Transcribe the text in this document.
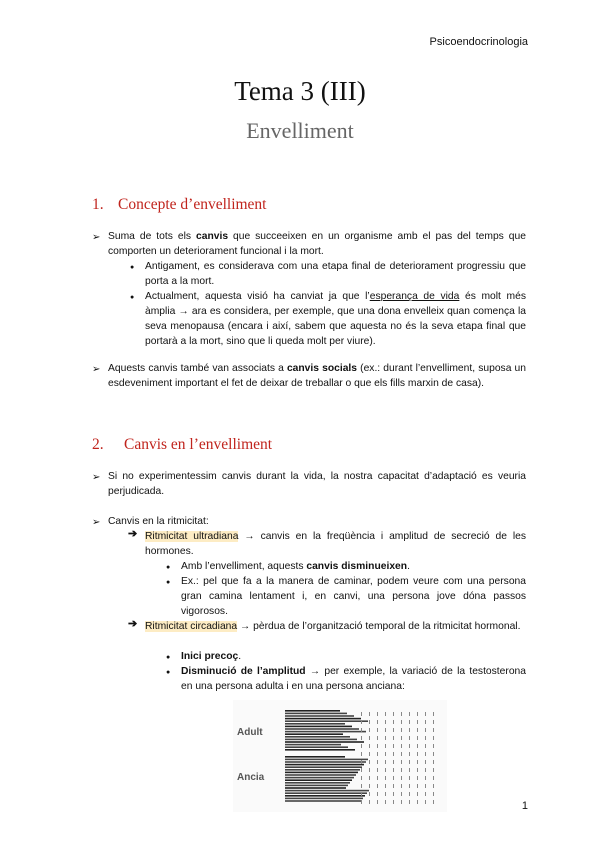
Psicoendocrinologia
Tema 3 (III)
Envelliment
1. Concepte d’envelliment
➢ Suma de tots els canvis que succeeixen en un organisme amb el pas del temps que comporten un deteriorament funcional i la mort.
● Antigament, es considerava com una etapa final de deteriorament progressiu que porta a la mort.
● Actualment, aquesta visió ha canviat ja que l’esperança de vida és molt més àmplia → ara es considera, per exemple, que una dona envelleix quan comença la seva menopausa (encara i així, sabem que aquesta no és la seva etapa final que portarà a la mort, sino que li queda molt per viure).
➢ Aquests canvis també van associats a canvis socials (ex.: durant l’envelliment, suposa un esdeveniment important el fet de deixar de treballar o que els fills marxin de casa).
2. Canvis en l’envelliment
➢ Si no experimentessim canvis durant la vida, la nostra capacitat d’adaptació es veuria perjudicada.
➢ Canvis en la ritmicitat:
➔ Ritmicitat ultradiana → canvis en la freqüència i amplitud de secreció de les hormones.
● Amb l’envelliment, aquests canvis disminueixen.
● Ex.: pel que fa a la manera de caminar, podem veure com una persona gran camina lentament i, en canvi, una persona jove dóna passos vigorosos.
➔ Ritmicitat circadiana → pèrdua de l’organització temporal de la ritmicitat hormonal.
● Inici precoç.
● Disminució de l’amplitud → per exemple, la variació de la testosterona en una persona adulta i en una persona anciana:
Adult
Ancia
1
